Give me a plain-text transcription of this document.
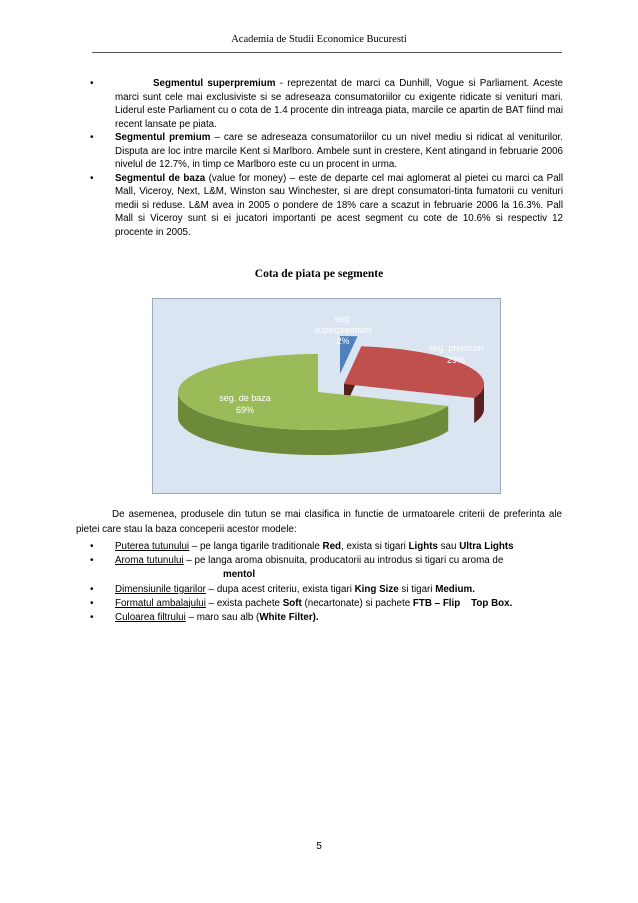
Academia de Studii Economice Bucuresti
•	Segmentul superpremium - reprezentat de marci ca Dunhill, Vogue si Parliament. Aceste marci sunt cele mai exclusiviste si se adreseaza consumatoriilor cu exigente ridicate si venituri mari. Liderul este Parliament cu o cota de 1.4 procente din intreaga piata, marcile ce apartin de BAT fiind mai recent lansate pe piata.
• Segmentul premium – care se adreseaza consumatoriilor cu un nivel mediu si ridicat al veniturilor. Disputa are loc intre marcile Kent si Marlboro. Ambele sunt in crestere, Kent atingand in februarie 2006 nivelul de 12.7%, in timp ce Marlboro este cu un procent in urma.
• Segmentul de baza (value for money) – este de departe cel mai aglomerat al pietei cu marci ca Pall Mall, Viceroy, Next, L&M, Winston sau Winchester, si are drept consumatori-tinta fumatorii cu venituri medii si reduse. L&M avea in 2005 o pondere de 18% care a scazut in februarie 2006 la 16.3%. Pall Mall si Viceroy sunt si ei jucatori importanti pe acest segment cu cote de 10.6% si respectiv 12 procente in 2005.
Cota de piata pe segmente
seg.
superpremium
2%
seg. premium
29%
seg. de baza
69%

De asemenea, produsele din tutun se mai clasifica in functie de urmatoarele criterii de preferinta ale pietei care stau la baza conceperii acestor modele:

• Puterea tutunului – pe langa tigarile traditionale Red, exista si tigari Lights sau Ultra Lights
• Aroma tutunului – pe langa aroma obisnuita, producatorii au introdus si tigari cu aroma de
mentol
• Dimensiunile tigarilor – dupa acest criteriu, exista tigari King Size si tigari Medium.
• Formatul ambalajului – exista pachete Soft (necartonate) si pachete FTB – Flip Top Box.
• Culoarea filtrului – maro sau alb (White Filter).
5
